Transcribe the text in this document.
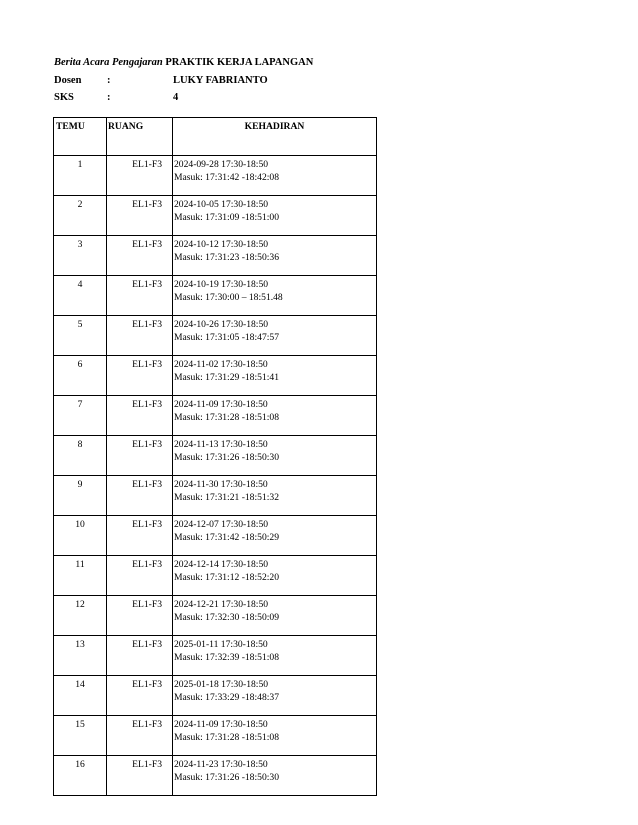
Berita Acara Pengajaran PRAKTIK KERJA LAPANGAN
Dosen :	LUKY FABRIANTO
SKS	:	4
TEMU	RUANG	KEHADIRAN
1	EL1-F3	2024-09-28 17:30-18:50
Masuk: 17:31:42 -18:42:08

2	EL1-F3	2024-10-05 17:30-18:50
Masuk: 17:31:09 -18:51:00

3	EL1-F3	2024-10-12 17:30-18:50
Masuk: 17:31:23 -18:50:36

4	EL1-F3	2024-10-19 17:30-18:50
Masuk: 17:30:00 – 18:51.48

5	EL1-F3	2024-10-26 17:30-18:50
Masuk: 17:31:05 -18:47:57

6	EL1-F3	2024-11-02 17:30-18:50
Masuk: 17:31:29 -18:51:41

7	EL1-F3	2024-11-09 17:30-18:50
Masuk: 17:31:28 -18:51:08

8	EL1-F3	2024-11-13 17:30-18:50
Masuk: 17:31:26 -18:50:30

9	EL1-F3	2024-11-30 17:30-18:50
Masuk: 17:31:21 -18:51:32

10	EL1-F3	2024-12-07 17:30-18:50
Masuk: 17:31:42 -18:50:29

11	EL1-F3	2024-12-14 17:30-18:50
Masuk: 17:31:12 -18:52:20

12	EL1-F3	2024-12-21 17:30-18:50
Masuk: 17:32:30 -18:50:09

13	EL1-F3	2025-01-11 17:30-18:50
Masuk: 17:32:39 -18:51:08

14	EL1-F3	2025-01-18 17:30-18:50
Masuk: 17:33:29 -18:48:37

15	EL1-F3	2024-11-09 17:30-18:50
Masuk: 17:31:28 -18:51:08

16	EL1-F3	2024-11-23 17:30-18:50
Masuk: 17:31:26 -18:50:30
